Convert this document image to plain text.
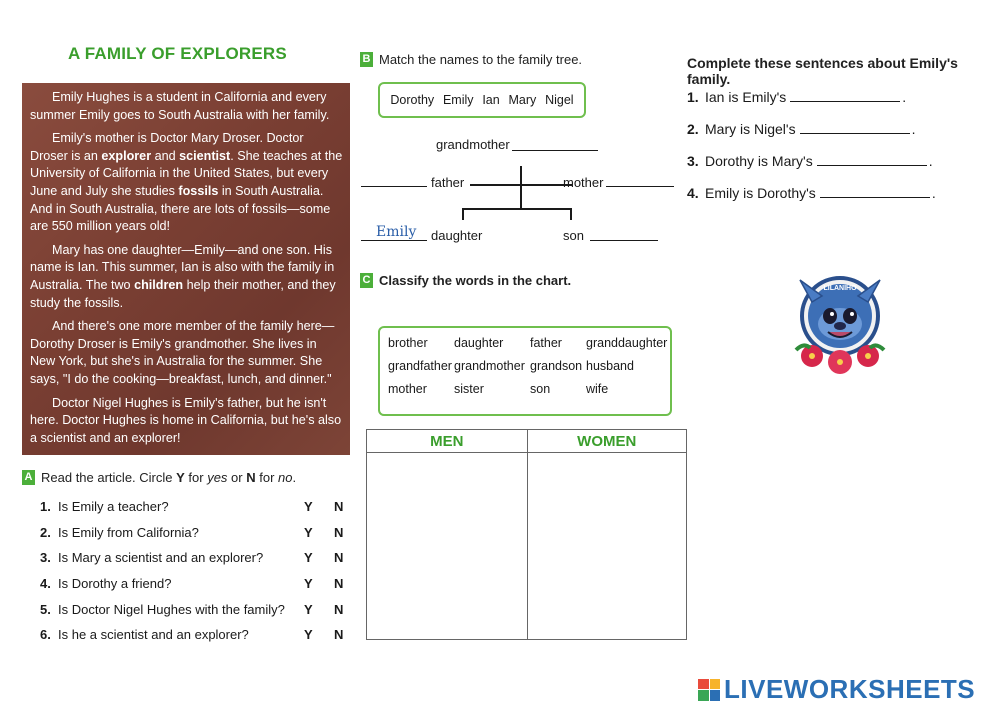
A FAMILY OF EXPLORERS

Emily Hughes is a student in California and every summer Emily goes to South Australia with her family.

Emily's mother is Doctor Mary Droser. Doctor Droser is an explorer and scientist. She teaches at the University of California in the United States, but every June and July she studies fossils in South Australia. And in South Australia, there are lots of fossils—some are 550 million years old!

Mary has one daughter—Emily—and one son. His name is Ian. This summer, Ian is also with the family in Australia. The two children help their mother, and they study the fossils.

And there's one more member of the family here—Dorothy Droser is Emily's grandmother. She lives in New York, but she's in Australia for the summer. She says, "I do the cooking—breakfast, lunch, and dinner."

Doctor Nigel Hughes is Emily's father, but he isn't here. Doctor Hughes is home in California, but he's also a scientist and an explorer!

A Read the article. Circle Y for yes or N for no.
1. Is Emily a teacher?	Y	N
2. Is Emily from California?	Y	N
3. Is Mary a scientist and an explorer?	Y	N
4. Is Dorothy a friend?	Y	N
5. Is Doctor Nigel Hughes with the family?	Y	N
6. Is he a scientist and an explorer?	Y	N
B Match the names to the family tree.
Dorothy Emily Ian Mary Nigel
grandmother
father	mother
Emily daughter	son
C Classify the words in the chart.
brother	daughter	father	granddaughter
grandfather grandmother grandson husband
mother	sister	son	wife
MEN	WOMEN
Complete these sentences about Emily's family.
1. Ian is Emily's	.
2. Mary is Nigel's	.
3. Dorothy is Mary's	.
4. Emily is Dorothy's	.
LILANIHO
LIVEWORKSHEETS
